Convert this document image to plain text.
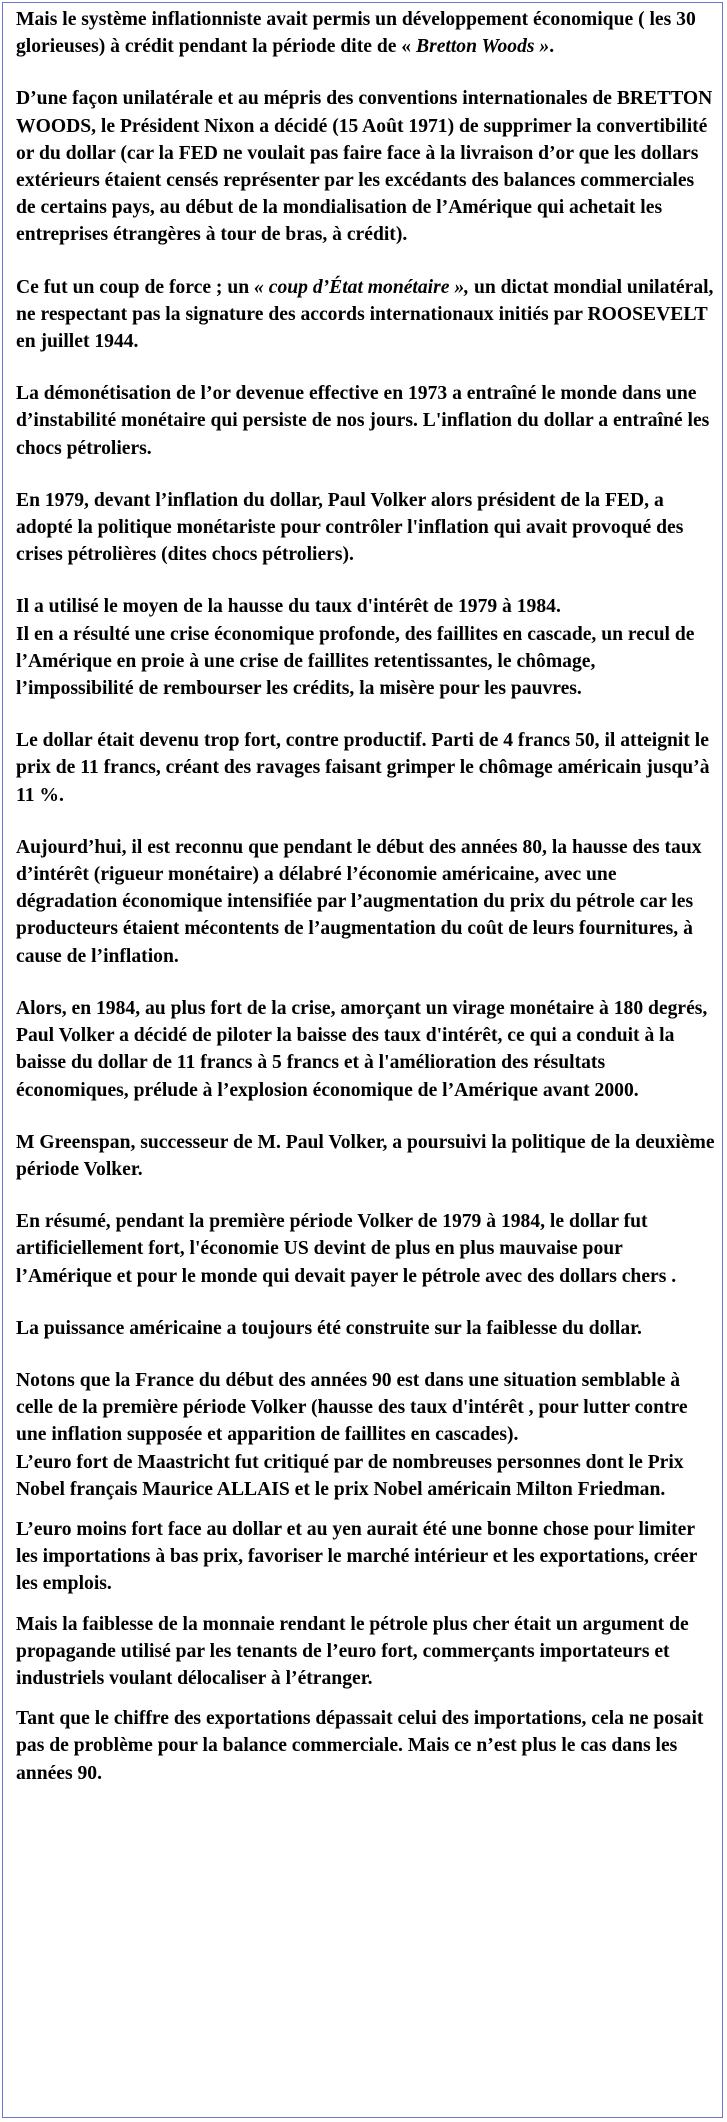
Mais le système inflationniste avait permis un développement économique ( les 30 glorieuses) à crédit pendant la période dite de « Bretton Woods ».

D’une façon unilatérale et au mépris des conventions internationales de BRETTON WOODS, le Président Nixon a décidé (15 Août 1971) de supprimer la convertibilité or du dollar (car la FED ne voulait pas faire face à la livraison d’or que les dollars extérieurs étaient censés représenter par les excédants des balances commerciales de certains pays, au début de la mondialisation de l’Amérique qui achetait les entreprises étrangères à tour de bras, à crédit).

Ce fut un coup de force ; un « coup d’État monétaire », un dictat mondial unilatéral, ne respectant pas la signature des accords internationaux initiés par ROOSEVELT en juillet 1944.

La démonétisation de l’or devenue effective en 1973 a entraîné le monde dans une d’instabilité monétaire qui persiste de nos jours. L'inflation du dollar a entraîné les chocs pétroliers.

En 1979, devant l’inflation du dollar, Paul Volker alors président de la FED, a adopté la politique monétariste pour contrôler l'inflation qui avait provoqué des crises pétrolières (dites chocs pétroliers).

Il a utilisé le moyen de la hausse du taux d'intérêt de 1979 à 1984.
Il en a résulté une crise économique profonde, des faillites en cascade, un recul de l’Amérique en proie à une crise de faillites retentissantes, le chômage, l’impossibilité de rembourser les crédits, la misère pour les pauvres.

Le dollar était devenu trop fort, contre productif. Parti de 4 francs 50, il atteignit le prix de 11 francs, créant des ravages faisant grimper le chômage américain jusqu’à 11 %.

Aujourd’hui, il est reconnu que pendant le début des années 80, la hausse des taux d’intérêt (rigueur monétaire) a délabré l’économie américaine, avec une dégradation économique intensifiée par l’augmentation du prix du pétrole car les producteurs étaient mécontents de l’augmentation du coût de leurs fournitures, à cause de l’inflation.

Alors, en 1984, au plus fort de la crise, amorçant un virage monétaire à 180 degrés, Paul Volker a décidé de piloter la baisse des taux d'intérêt, ce qui a conduit à la baisse du dollar de 11 francs à 5 francs et à l'amélioration des résultats économiques, prélude à l’explosion économique de l’Amérique avant 2000.

M Greenspan, successeur de M. Paul Volker, a poursuivi la politique de la deuxième période Volker.

En résumé, pendant la première période Volker de 1979 à 1984, le dollar fut artificiellement fort, l'économie US devint de plus en plus mauvaise pour l’Amérique et pour le monde qui devait payer le pétrole avec des dollars chers .

La puissance américaine a toujours été construite sur la faiblesse du dollar.

Notons que la France du début des années 90 est dans une situation semblable à celle de la première période Volker (hausse des taux d'intérêt , pour lutter contre une inflation supposée et apparition de faillites en cascades).
L’euro fort de Maastricht fut critiqué par de nombreuses personnes dont le Prix Nobel français Maurice ALLAIS et le prix Nobel américain Milton Friedman.

L’euro moins fort face au dollar et au yen aurait été une bonne chose pour limiter les importations à bas prix, favoriser le marché intérieur et les exportations, créer les emplois.

Mais la faiblesse de la monnaie rendant le pétrole plus cher était un argument de propagande utilisé par les tenants de l’euro fort, commerçants importateurs et industriels voulant délocaliser à l’étranger.

Tant que le chiffre des exportations dépassait celui des importations, cela ne posait pas de problème pour la balance commerciale. Mais ce n’est plus le cas dans les années 90.
